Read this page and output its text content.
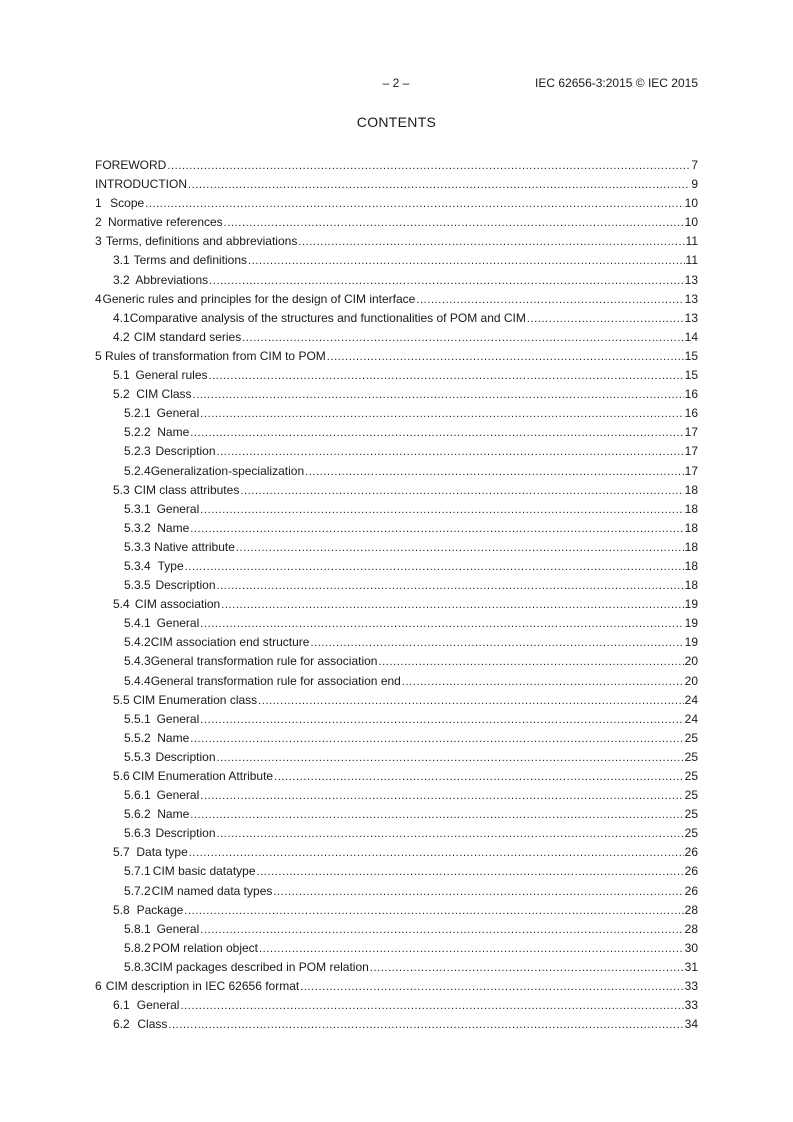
– 2 –	IEC 62656-3:2015 © IEC 2015
CONTENTS
FOREWORD .....	7
INTRODUCTION .....	9
1 Scope .....	10
2 Normative references .....	10
3 Terms, definitions and abbreviations .....	11
3.1 Terms and definitions .....	11
3.2 Abbreviations .....	13
4 Generic rules and principles for the design of CIM interface .....	13
4.1 Comparative analysis of the structures and functionalities of POM and CIM .....	13
4.2 CIM standard series .....	14
5 Rules of transformation from CIM to POM .....	15
5.1 General rules .....	15
5.2 CIM Class .....	16
5.2.1 General .....	16
5.2.2 Name .....	17
5.2.3 Description .....	17
5.2.4 Generalization-specialization .....	17
5.3 CIM class attributes .....	18
5.3.1 General .....	18
5.3.2 Name .....	18
5.3.3 Native attribute .....	18
5.3.4 Type .....	18
5.3.5 Description .....	18
5.4 CIM association .....	19
5.4.1 General .....	19
5.4.2 CIM association end structure .....	19
5.4.3 General transformation rule for association .....	20
5.4.4 General transformation rule for association end .....	20
5.5 CIM Enumeration class .....	24
5.5.1 General .....	24
5.5.2 Name .....	25
5.5.3 Description .....	25
5.6 CIM Enumeration Attribute .....	25
5.6.1 General .....	25
5.6.2 Name .....	25
5.6.3 Description .....	25
5.7 Data type .....	26
5.7.1 CIM basic datatype .....	26
5.7.2 CIM named data types .....	26
5.8 Package .....	28
5.8.1 General .....	28
5.8.2 POM relation object .....	30
5.8.3 CIM packages described in POM relation .....	31
6 CIM description in IEC 62656 format .....	33
6.1 General .....	33
6.2 Class .....	34
